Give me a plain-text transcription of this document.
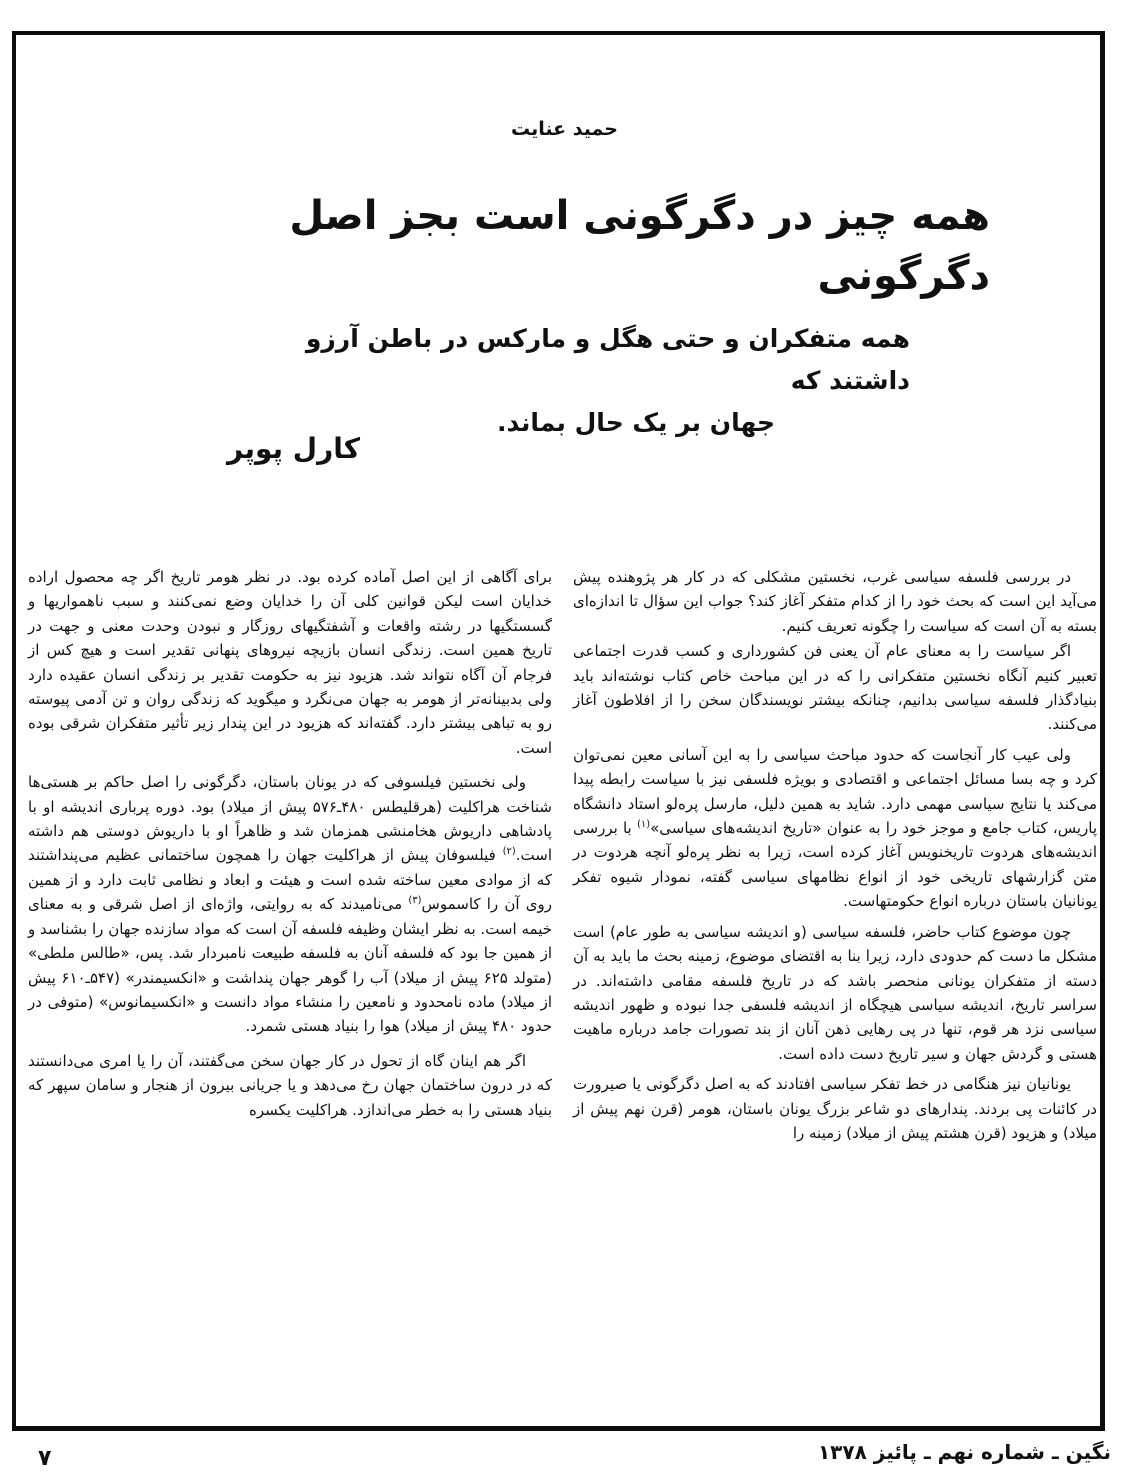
حمید عنایت
همه چیز در دگرگونی است بجز اصل دگرگونی
همه متفکران و حتی هگل و مارکس در باطن آرزو داشتند که
جهان بر یک حال بماند.
کارل پوپر

در بررسی فلسفه سیاسی غرب، نخستین مشکلی که در کار هر پژوهنده پیش می‌آید این است که بحث خود را از کدام متفکر آغاز کند؟ جواب این سؤال تا اندازه‌ای بسته به آن است که سیاست را چگونه تعریف کنیم.

اگر سیاست را به معنای عام آن یعنی فن کشورداری و کسب قدرت اجتماعی تعبیر کنیم آنگاه نخستین متفکرانی را که در این مباحث خاص کتاب نوشته‌اند باید بنیادگذار فلسفه سیاسی بدانیم، چنانکه بیشتر نویسندگان سخن را از افلاطون آغاز می‌کنند.

ولی عیب کار آنجاست که حدود مباحث سیاسی را به این آسانی معین نمی‌توان کرد و چه بسا مسائل اجتماعی و اقتصادی و بویژه فلسفی نیز با سیاست رابطه پیدا می‌کند یا نتایج سیاسی مهمی دارد. شاید به همین دلیل، مارسل پره‌لو استاد دانشگاه پاریس، کتاب جامع و موجز خود را به عنوان «تاریخ اندیشه‌های سیاسی»$^{(۱)}$ با بررسی اندیشه‌های هردوت تاریخنویس آغاز کرده است، زیرا به نظر پره‌لو آنچه هردوت در متن گزارشهای تاریخی خود از انواع نظامهای سیاسی گفته، نمودار شیوه تفکر یونانیان باستان درباره انواع حکومتهاست.

چون موضوع کتاب حاضر، فلسفه سیاسی (و اندیشه سیاسی به طور عام) است مشکل ما دست کم حدودی دارد، زیرا بنا به اقتضای موضوع، زمینه بحث ما باید به آن دسته از متفکران یونانی منحصر باشد که در تاریخ فلسفه مقامی داشته‌اند. در سراسر تاریخ، اندیشه سیاسی هیچگاه از اندیشه فلسفی جدا نبوده و ظهور اندیشه سیاسی نزد هر قوم، تنها در پی رهایی ذهن آنان از بند تصورات جامد درباره ماهیت هستی و گردش جهان و سیر تاریخ دست داده است.

یونانیان نیز هنگامی در خط تفکر سیاسی افتادند که به اصل دگرگونی یا صیرورت در کائنات پی بردند. پندارهای دو شاعر بزرگ یونان باستان، هومر (قرن نهم پیش از میلاد) و هزیود (قرن هشتم پیش از میلاد) زمینه را

برای آگاهی از این اصل آماده کرده بود. در نظر هومر تاریخ اگر چه محصول اراده خدایان است لیکن قوانین کلی آن را خدایان وضع نمی‌کنند و سبب ناهمواریها و گسستگیها در رشته واقعات و آشفتگیهای روزگار و نبودن وحدت معنی و جهت در تاریخ همین است. زندگی انسان بازیچه نیروهای پنهانی تقدیر است و هیچ کس از فرجام آن آگاه نتواند شد. هزیود نیز به حکومت تقدیر بر زندگی انسان عقیده دارد ولی بدبینانه‌تر از هومر به جهان می‌نگرد و میگوید که زندگی روان و تن آدمی پیوسته رو به تباهی بیشتر دارد. گفته‌اند که هزیود در این پندار زیر تأثیر متفکران شرقی بوده است.

ولی نخستین فیلسوفی که در یونان باستان، دگرگونی را اصل حاکم بر هستی‌ها شناخت هراکلیت (هرقلیطس ۴۸۰ـ۵۷۶ پیش از میلاد) بود. دوره پرباری اندیشه او با پادشاهی داریوش هخامنشی همزمان شد و ظاهراً او با داریوش دوستی هم داشته است.$^{(۲)}$ فیلسوفان پیش از هراکلیت جهان را همچون ساختمانی عظیم می‌پنداشتند که از موادی معین ساخته شده است و هیئت و ابعاد و نظامی ثابت دارد و از همین روی آن را کاسموس$^{(۳)}$ می‌نامیدند که به روایتی، واژه‌ای از اصل شرقی و به معنای خیمه است. به نظر ایشان وظیفه فلسفه آن است که مواد سازنده جهان را بشناسد و از همین جا بود که فلسفه آنان به فلسفه طبیعت نامبردار شد. پس، «طالس ملطی» (متولد ۶۲۵ پیش از میلاد) آب را گوهر جهان پنداشت و «انکسیمندر» (۵۴۷ـ۶۱۰ پیش از میلاد) ماده نامحدود و نامعین را منشاء مواد دانست و «انکسیمانوس» (متوفی در حدود ۴۸۰ پیش از میلاد) هوا را بنیاد هستی شمرد.

اگر هم اینان گاه از تحول در کار جهان سخن می‌گفتند، آن را یا امری می‌دانستند که در درون ساختمان جهان رخ می‌دهد و یا جریانی بیرون از هنجار و سامان سپهر که بنیاد هستی را به خطر می‌اندازد. هراکلیت یکسره

۷	نگین ـ شماره نهم ـ پائیز ۱۳۷۸
